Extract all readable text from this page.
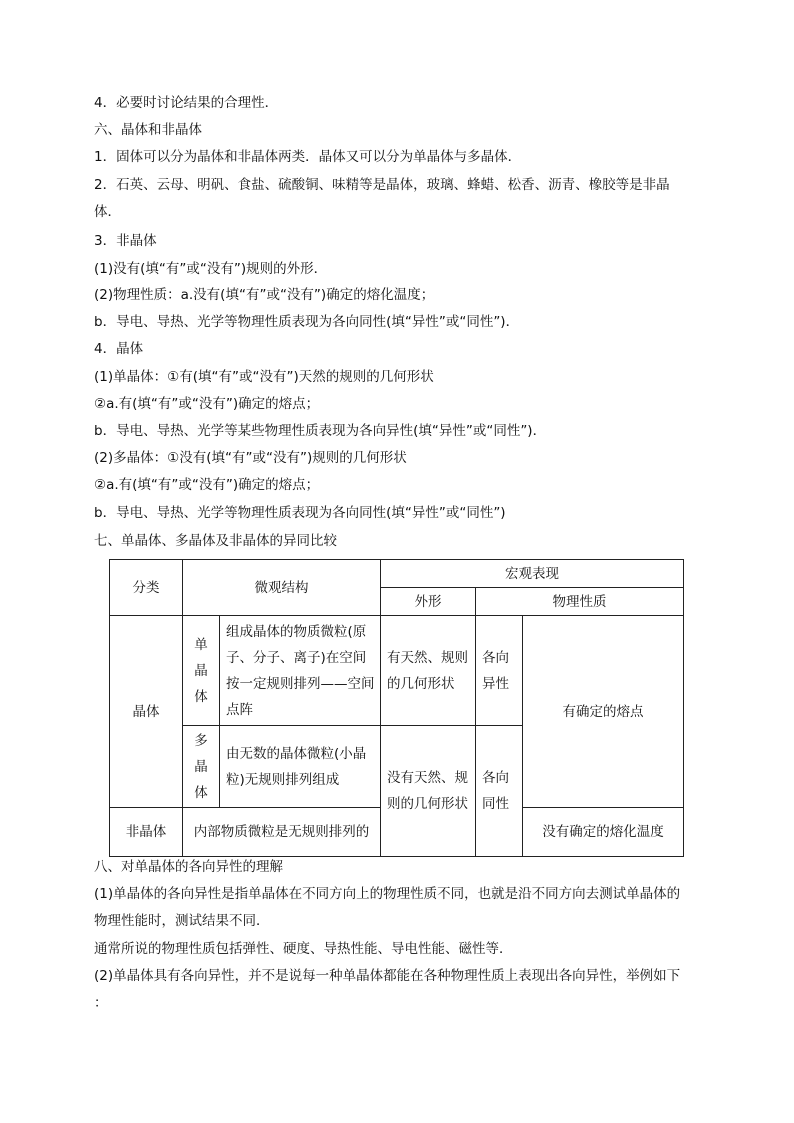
4．必要时讨论结果的合理性．
六、晶体和非晶体
1．固体可以分为晶体和非晶体两类．晶体又可以分为单晶体与多晶体．
2．石英、云母、明矾、食盐、硫酸铜、味精等是晶体，玻璃、蜂蜡、松香、沥青、橡胶等是非晶
体．
3．非晶体
(1)没有(填“有”或“没有”)规则的外形．
(2)物理性质：a.没有(填“有”或“没有”)确定的熔化温度；
b．导电、导热、光学等物理性质表现为各向同性(填“异性”或“同性”)．
4．晶体
(1)单晶体：①有(填“有”或“没有”)天然的规则的几何形状
②a.有(填“有”或“没有”)确定的熔点；
b．导电、导热、光学等某些物理性质表现为各向异性(填“异性”或“同性”)．
(2)多晶体：①没有(填“有”或“没有”)规则的几何形状
②a.有(填“有”或“没有”)确定的熔点；
b．导电、导热、光学等物理性质表现为各向同性(填“异性”或“同性”)
七、单晶体、多晶体及非晶体的异同比较
分类	微观结构		宏观表现		
			外形	物理性质	
晶体	单晶体	组成晶体的物质微粒(原子、分子、离子)在空间按一定规则排列——空间点阵	有天然、规则的几何形状	各向异性	有确定的熔点
	多晶体	由无数的晶体微粒(小晶粒)无规则排列组成	没有天然、规则的几何形状	各向同性	
非晶体	内部物质微粒是无规则排列的				没有确定的熔化温度
八、对单晶体的各向异性的理解
(1)单晶体的各向异性是指单晶体在不同方向上的物理性质不同，也就是沿不同方向去测试单晶体的
物理性能时，测试结果不同．
通常所说的物理性质包括弹性、硬度、导热性能、导电性能、磁性等．
(2)单晶体具有各向异性，并不是说每一种单晶体都能在各种物理性质上表现出各向异性，举例如下
：
